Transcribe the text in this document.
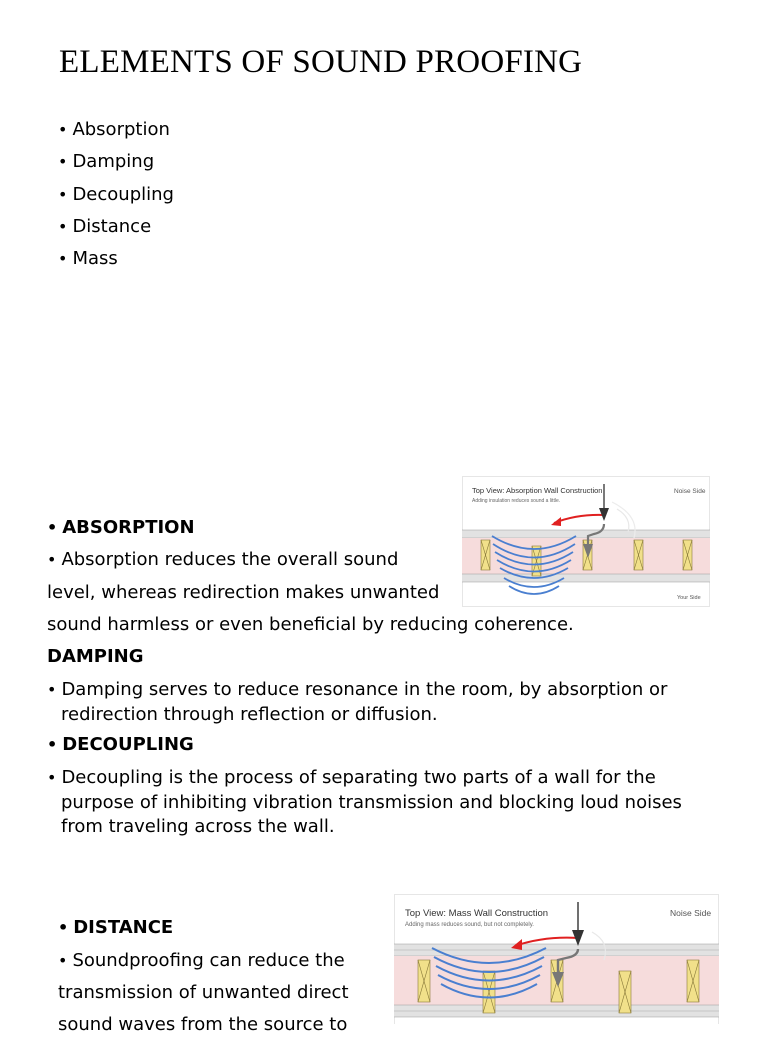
ELEMENTS OF SOUND PROOFING
• Absorption
• Damping
• Decoupling
• Distance
• Mass
Top View: Absorption Wall Construction
Adding insulation reduces sound a little.
Noise Side
Your Side
• ABSORPTION
• Absorption reduces the overall sound
level, whereas redirection makes unwanted
sound harmless or even beneficial by reducing coherence.
DAMPING
• Damping serves to reduce resonance in the room, by absorption or redirection through reflection or diffusion.
• DECOUPLING
• Decoupling is the process of separating two parts of a wall for the purpose of inhibiting vibration transmission and blocking loud noises from traveling across the wall.
• DISTANCE
• Soundproofing can reduce the
transmission of unwanted direct
sound waves from the source to
Top View: Mass Wall Construction
Adding mass reduces sound, but not completely.
Noise Side
